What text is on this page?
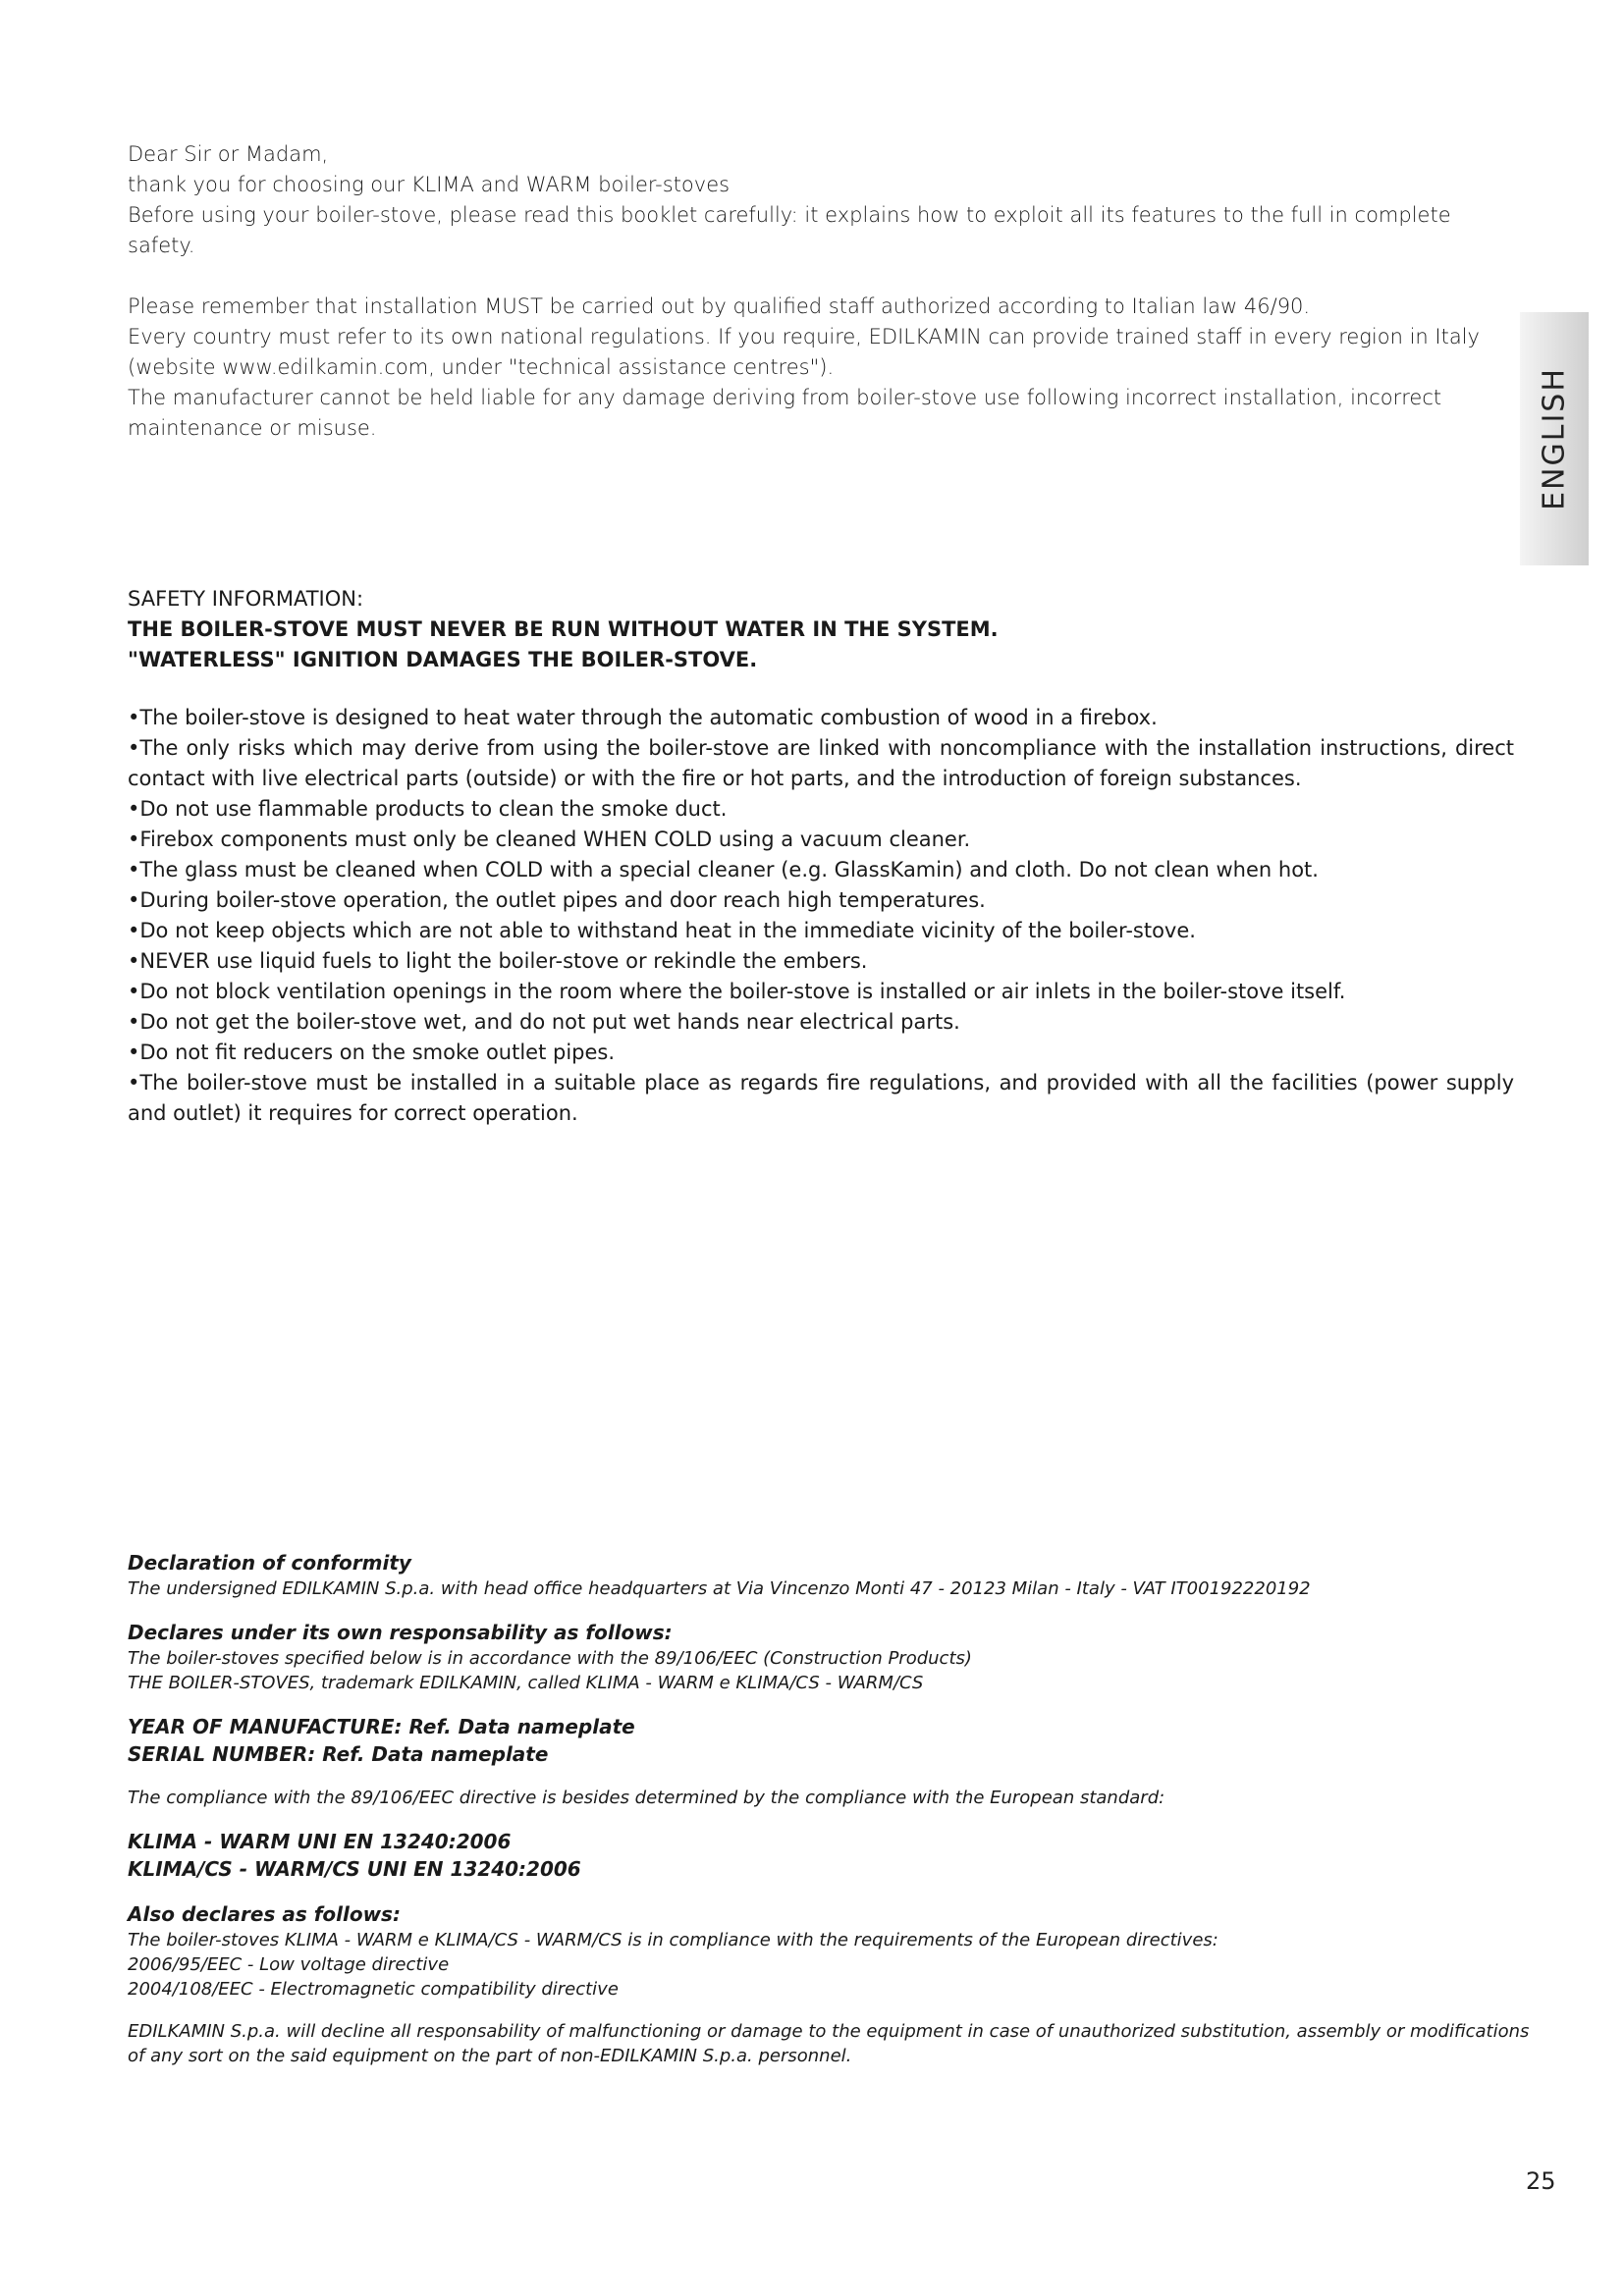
Dear Sir or Madam,

thank you for choosing our KLIMA and WARM boiler-stoves

Before using your boiler-stove, please read this booklet carefully: it explains how to exploit all its features to the full in complete safety.

Please remember that installation MUST be carried out by qualified staff authorized according to Italian law 46/90.

Every country must refer to its own national regulations. If you require, EDILKAMIN can provide trained staff in every region in Italy (website www.edilkamin.com, under "technical assistance centres").

The manufacturer cannot be held liable for any damage deriving from boiler-stove use following incorrect installation, incorrect maintenance or misuse.	ENGLISH

SAFETY INFORMATION:

THE BOILER-STOVE MUST NEVER BE RUN WITHOUT WATER IN THE SYSTEM.

"WATERLESS" IGNITION DAMAGES THE BOILER-STOVE.

•The boiler-stove is designed to heat water through the automatic combustion of wood in a firebox.

•The only risks which may derive from using the boiler-stove are linked with noncompliance with the installation instructions, direct contact with live electrical parts (outside) or with the fire or hot parts, and the introduction of foreign substances.

•Do not use flammable products to clean the smoke duct.

•Firebox components must only be cleaned WHEN COLD using a vacuum cleaner.

•The glass must be cleaned when COLD with a special cleaner (e.g. GlassKamin) and cloth. Do not clean when hot.

•During boiler-stove operation, the outlet pipes and door reach high temperatures.

•Do not keep objects which are not able to withstand heat in the immediate vicinity of the boiler-stove.

•NEVER use liquid fuels to light the boiler-stove or rekindle the embers.

•Do not block ventilation openings in the room where the boiler-stove is installed or air inlets in the boiler-stove itself.

•Do not get the boiler-stove wet, and do not put wet hands near electrical parts.

•Do not fit reducers on the smoke outlet pipes.

•The boiler-stove must be installed in a suitable place as regards fire regulations, and provided with all the facilities (power supply and outlet) it requires for correct operation.

Declaration of conformity

The undersigned EDILKAMIN S.p.a. with head office headquarters at Via Vincenzo Monti 47 - 20123 Milan - Italy - VAT IT00192220192

Declares under its own responsability as follows:

The boiler-stoves specified below is in accordance with the 89/106/EEC (Construction Products)

THE BOILER-STOVES, trademark EDILKAMIN, called KLIMA - WARM e KLIMA/CS - WARM/CS

YEAR OF MANUFACTURE: Ref. Data nameplate

SERIAL NUMBER: Ref. Data nameplate

The compliance with the 89/106/EEC directive is besides determined by the compliance with the European standard:

KLIMA - WARM UNI EN 13240:2006

KLIMA/CS - WARM/CS UNI EN 13240:2006

Also declares as follows:

The boiler-stoves KLIMA - WARM e KLIMA/CS - WARM/CS is in compliance with the requirements of the European directives:

2006/95/EEC - Low voltage directive

2004/108/EEC - Electromagnetic compatibility directive

EDILKAMIN S.p.a. will decline all responsability of malfunctioning or damage to the equipment in case of unauthorized substitution, assembly or modifications of any sort on the said equipment on the part of non-EDILKAMIN S.p.a. personnel.

25
